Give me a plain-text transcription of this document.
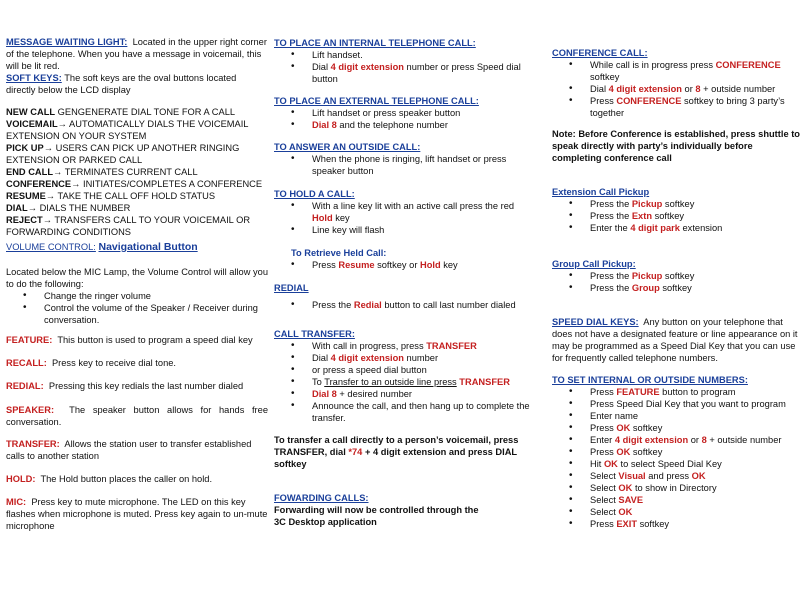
MESSAGE WAITING LIGHT: Located in the upper right corner of the telephone. When you have a message in voicemail, this will be lit red.
SOFT KEYS: The soft keys are the oval buttons located directly below the LCD display
NEW CALL GENGENERATE DIAL TONE FOR A CALL
VOICEMAIL→ AUTOMATICALLY DIALS THE VOICEMAIL EXTENSION ON YOUR SYSTEM
PICK UP→ USERS CAN PICK UP ANOTHER RINGING EXTENSION OR PARKED CALL
END CALL→ TERMINATES CURRENT CALL
CONFERENCE→ INITIATES/COMPLETES A CONFERENCE
RESUME→ TAKE THE CALL OFF HOLD STATUS
DIAL→ DIALS THE NUMBER
REJECT→ TRANSFERS CALL TO YOUR VOICEMAIL OR FORWARDING CONDITIONS
VOLUME CONTROL: Navigational Button

Located below the MIC Lamp, the Volume Control will allow you to do the following:

• Change the ringer volume
• Control the volume of the Speaker / Receiver during conversation.
FEATURE: This button is used to program a speed dial key
RECALL: Press key to receive dial tone.
REDIAL: Pressing this key redials the last number dialed
SPEAKER: The speaker button allows for hands free conversation.
TRANSFER: Allows the station user to transfer established calls to another station
HOLD: The Hold button places the caller on hold.
MIC: Press key to mute microphone. The LED on this key flashes when microphone is muted. Press key again to un-mute microphone
TO PLACE AN INTERNAL TELEPHONE CALL:
• Lift handset.
• Dial 4 digit extension number or press Speed dial button
TO PLACE AN EXTERNAL TELEPHONE CALL:
• Lift handset or press speaker button
• Dial 8 and the telephone number
TO ANSWER AN OUTSIDE CALL:
• When the phone is ringing, lift handset or press speaker button
TO HOLD A CALL:
• With a line key lit with an active call press the red Hold key
• Line key will flash
To Retrieve Held Call:
• Press Resume softkey or Hold key
REDIAL
• Press the Redial button to call last number dialed
CALL TRANSFER:
• With call in progress, press TRANSFER
• Dial 4 digit extension number
• or press a speed dial button
• To Transfer to an outside line press TRANSFER
• Dial 8 + desired number
• Announce the call, and then hang up to complete the transfer.
To transfer a call directly to a person’s voicemail, press TRANSFER, dial *74 + 4 digit extension and press DIAL softkey
FOWARDING CALLS:
Forwarding will now be controlled through the 3C Desktop application
CONFERENCE CALL:
• While call is in progress press CONFERENCE
softkey
• Dial 4 digit extension or 8 + outside number
• Press CONFERENCE softkey to bring 3 party’s together
Note: Before Conference is established, press shuttle to speak directly with party’s individually before completing conference call
Extension Call Pickup
• Press the Pickup softkey
• Press the Extn softkey
• Enter the 4 digit park extension
Group Call Pickup:
• Press the Pickup softkey
• Press the Group softkey
SPEED DIAL KEYS: Any button on your telephone that does not have a designated feature or line appearance on it may be programmed as a Speed Dial Key that you can use for frequently called telephone numbers.
TO SET INTERNAL OR OUTSIDE NUMBERS:
• Press FEATURE button to program
• Press Speed Dial Key that you want to program
• Enter name
• Press OK softkey
• Enter 4 digit extension or 8 + outside number
• Press OK softkey
• Hit OK to select Speed Dial Key
• Select Visual and press OK
• Select OK to show in Directory
• Select SAVE
• Select OK
• Press EXIT softkey
